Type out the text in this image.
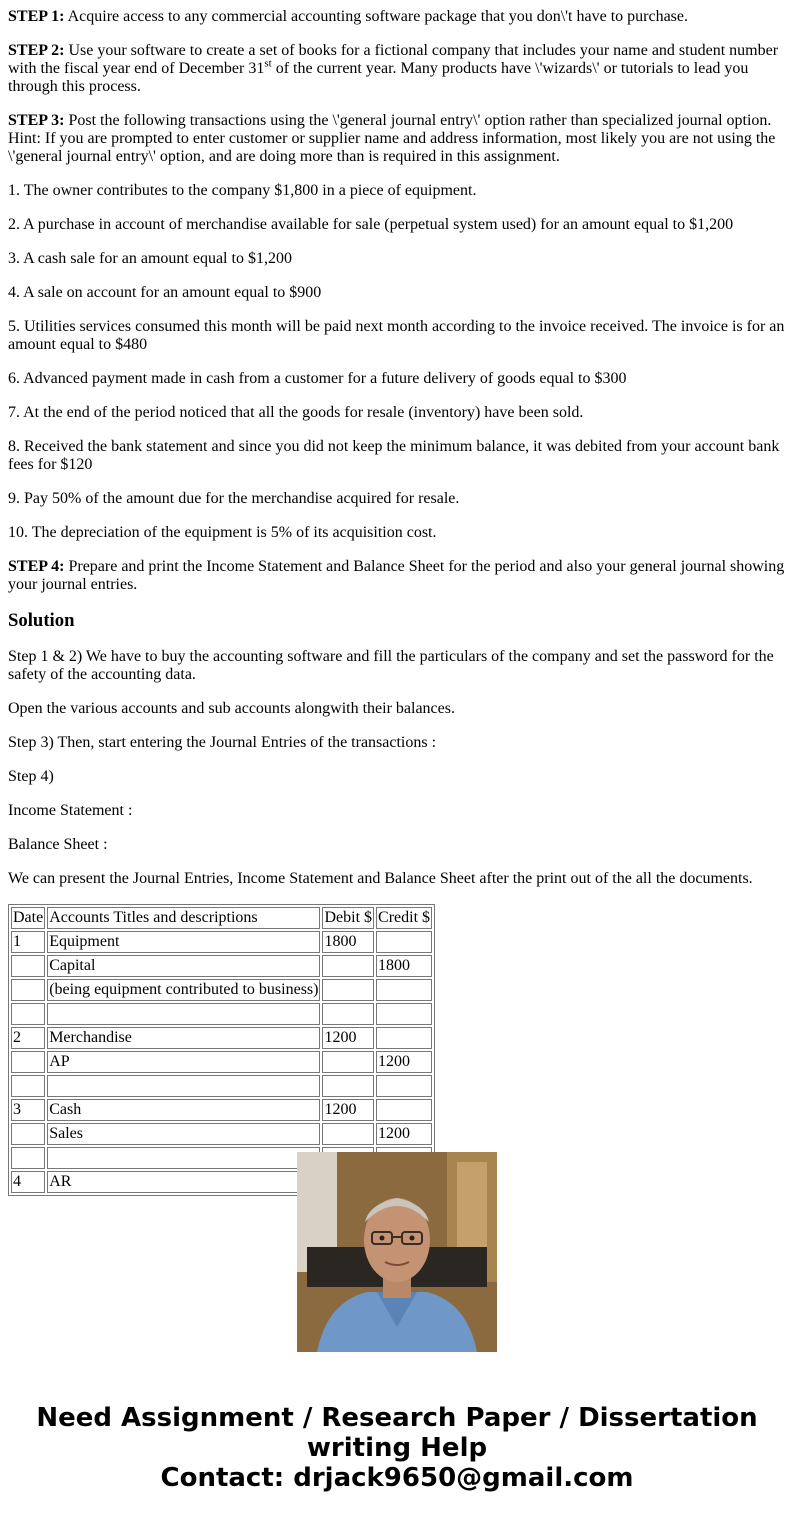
STEP 1: Acquire access to any commercial accounting software package that you don\'t have to purchase.

STEP 2: Use your software to create a set of books for a fictional company that includes your name and student number with the fiscal year end of December 31st of the current year. Many products have \'wizards\' or tutorials to lead you through this process.

STEP 3: Post the following transactions using the \'general journal entry\' option rather than specialized journal option. Hint: If you are prompted to enter customer or supplier name and address information, most likely you are not using the \'general journal entry\' option, and are doing more than is required in this assignment.

1. The owner contributes to the company $1,800 in a piece of equipment.

2. A purchase in account of merchandise available for sale (perpetual system used) for an amount equal to $1,200

3. A cash sale for an amount equal to $1,200

4. A sale on account for an amount equal to $900

5. Utilities services consumed this month will be paid next month according to the invoice received. The invoice is for an amount equal to $480

6. Advanced payment made in cash from a customer for a future delivery of goods equal to $300

7. At the end of the period noticed that all the goods for resale (inventory) have been sold.

8. Received the bank statement and since you did not keep the minimum balance, it was debited from your account bank fees for $120

9. Pay 50% of the amount due for the merchandise acquired for resale.

10. The depreciation of the equipment is 5% of its acquisition cost.

STEP 4: Prepare and print the Income Statement and Balance Sheet for the period and also your general journal showing your journal entries.

Solution

Step 1 & 2) We have to buy the accounting software and fill the particulars of the company and set the password for the safety of the accounting data.

Open the various accounts and sub accounts alongwith their balances.

Step 3) Then, start entering the Journal Entries of the transactions :

Step 4)

Income Statement :

Balance Sheet :

We can present the Journal Entries, Income Statement and Balance Sheet after the print out of the all the documents.

Date	Accounts Titles and descriptions	Debit $	Credit $
1	Equipment	1800	
	Capital		1800
	(being equipment contributed to business)		

2	Merchandise	1200	
	AP		1200

3	Cash	1200	
	Sales		1200

4	AR		
Need Assignment / Research Paper / Dissertation
writing Help
Contact: drjack9650@gmail.com
